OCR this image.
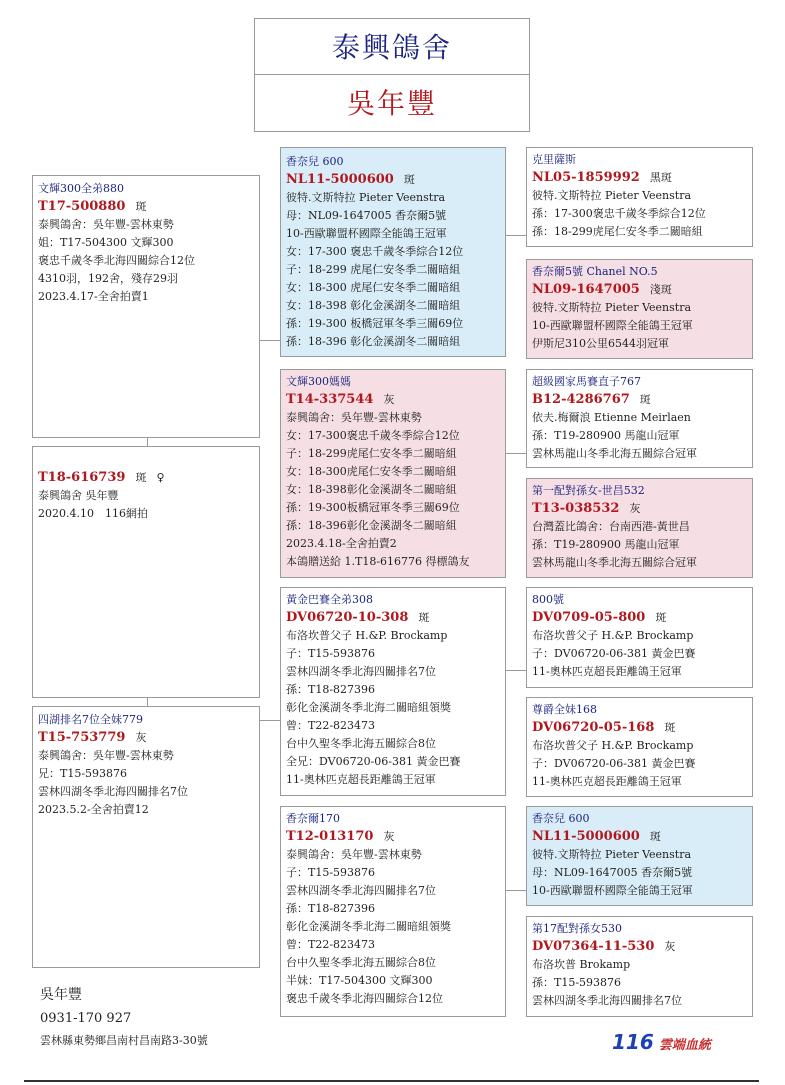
泰興鴿舍
吳年豐
文輝300全弟880
T17-500880 斑
泰興鴿舍：吳年豐-雲林東勢
姐：T17-504300 文輝300
褒忠千歲冬季北海四關綜合12位
4310羽，192舍，殘存29羽
2023.4.17-全舍拍賣1
T18-616739 斑 ♀
泰興鴿舍 吳年豐
2020.4.10　116網拍
四湖排名7位全妹779
T15-753779 灰
泰興鴿舍：吳年豐-雲林東勢
兄：T15-593876
雲林四湖冬季北海四關排名7位
2023.5.2-全舍拍賣12
香奈兒 600
NL11-5000600 斑
彼特.文斯特拉 Pieter Veenstra
母：NL09-1647005 香奈爾5號
10-西歐聯盟杯國際全能鴿王冠軍
女：17-300 褒忠千歲冬季綜合12位
子：18-299 虎尾仁安冬季二關暗組
女：18-300 虎尾仁安冬季二關暗組
女：18-398 彰化金溪湖冬二關暗組
孫：19-300 板橋冠軍冬季三關69位
孫：18-396 彰化金溪湖冬二關暗組
文輝300媽媽
T14-337544 灰
泰興鴿舍：吳年豐-雲林東勢
女：17-300褒忠千歲冬季綜合12位
子：18-299虎尾仁安冬季二關暗組
女：18-300虎尾仁安冬季二關暗組
女：18-398彰化金溪湖冬二關暗組
孫：19-300板橋冠軍冬季三關69位
孫：18-396彰化金溪湖冬二關暗組
2023.4.18-全舍拍賣2
本鴿贈送給 1.T18-616776 得標鴿友
黃金巴賽全弟308
DV06720-10-308 斑
布洛坎普父子 H.&P. Brockamp
子：T15-593876
雲林四湖冬季北海四關排名7位
孫：T18-827396
彰化金溪湖冬季北海二關暗組領獎
曾：T22-823473
台中久聖冬季北海五關綜合8位
全兄：DV06720-06-381 黃金巴賽
11-奧林匹克超長距離鴿王冠軍
香奈爾170
T12-013170 灰
泰興鴿舍：吳年豐-雲林東勢
子：T15-593876
雲林四湖冬季北海四關排名7位
孫：T18-827396
彰化金溪湖冬季北海二關暗組領獎
曾：T22-823473
台中久聖冬季北海五關綜合8位
半妹：T17-504300 文輝300
褒忠千歲冬季北海四關綜合12位
克里薩斯
NL05-1859992 黑斑
彼特.文斯特拉 Pieter Veenstra
孫：17-300褒忠千歲冬季綜合12位
孫：18-299虎尾仁安冬季二關暗組
香奈爾5號 Chanel NO.5
NL09-1647005 淺斑
彼特.文斯特拉 Pieter Veenstra
10-西歐聯盟杯國際全能鴿王冠軍
伊斯尼310公里6544羽冠軍
超級國家馬賽直子767
B12-4286767 斑
依夫.梅爾浪 Etienne Meirlaen
孫：T19-280900 馬龍山冠軍
雲林馬龍山冬季北海五關綜合冠軍
第一配對孫女-世昌532
T13-038532 灰
台灣蓋比鴿舍：台南西港-黃世昌
孫：T19-280900 馬龍山冠軍
雲林馬龍山冬季北海五關綜合冠軍
800號
DV0709-05-800 斑
布洛坎普父子 H.&P. Brockamp
子：DV06720-06-381 黃金巴賽
11-奧林匹克超長距離鴿王冠軍
尊爵全妹168
DV06720-05-168 斑
布洛坎普父子 H.&P. Brockamp
子：DV06720-06-381 黃金巴賽
11-奧林匹克超長距離鴿王冠軍
香奈兒 600
NL11-5000600 斑
彼特.文斯特拉 Pieter Veenstra
母：NL09-1647005 香奈爾5號
10-西歐聯盟杯國際全能鴿王冠軍
第17配對孫女530
DV07364-11-530 灰
布洛坎普 Brokamp
孫：T15-593876
雲林四湖冬季北海四關排名7位
吳年豐
0931-170 927
雲林縣東勢鄉昌南村昌南路3-30號	116 雲端血統
